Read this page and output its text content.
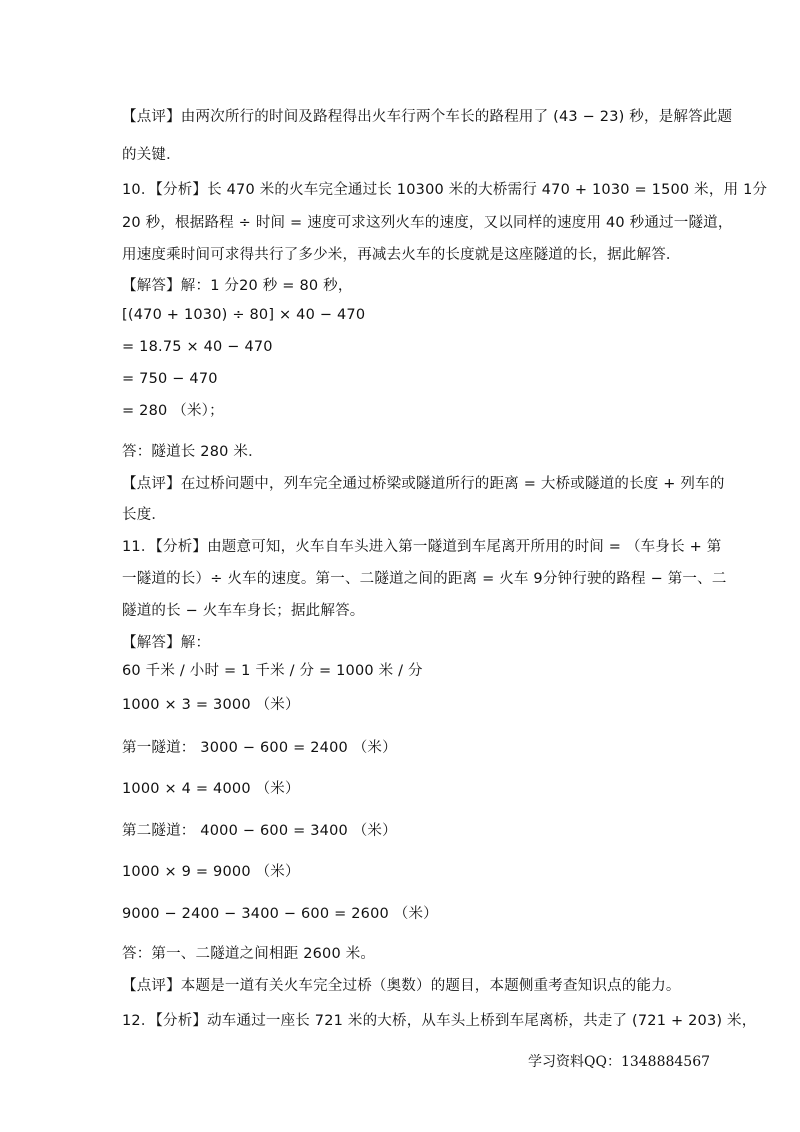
【点评】由两次所行的时间及路程得出火车行两个车长的路程用了 (43 − 23) 秒，是解答此题
的关键．
10．【分析】长 470 米的火车完全通过长 10300 米的大桥需行 470 + 1030 = 1500 米，用 1分
20 秒，根据路程 ÷ 时间 = 速度可求这列火车的速度，又以同样的速度用 40 秒通过一隧道，
用速度乘时间可求得共行了多少米，再减去火车的长度就是这座隧道的长，据此解答．
【解答】解：1 分20 秒 = 80 秒，
[(470 + 1030) ÷ 80] × 40 − 470
= 18.75 × 40 − 470
= 750 − 470
= 280 （米）；
答：隧道长 280 米．
【点评】在过桥问题中，列车完全通过桥梁或隧道所行的距离 = 大桥或隧道的长度 + 列车的
长度．
11．【分析】由题意可知，火车自车头进入第一隧道到车尾离开所用的时间 = （车身长 + 第
一隧道的长）÷ 火车的速度。第一、二隧道之间的距离 = 火车 9分钟行驶的路程 − 第一、二
隧道的长 − 火车车身长；据此解答。
【解答】解：
60 千米 / 小时 = 1 千米 / 分 = 1000 米 / 分
1000 × 3 = 3000 （米）
第一隧道： 3000 − 600 = 2400 （米）
1000 × 4 = 4000 （米）
第二隧道： 4000 − 600 = 3400 （米）
1000 × 9 = 9000 （米）
9000 − 2400 − 3400 − 600 = 2600 （米）
答：第一、二隧道之间相距 2600 米。
【点评】本题是一道有关火车完全过桥（奥数）的题目，本题侧重考查知识点的能力。
12．【分析】动车通过一座长 721 米的大桥，从车头上桥到车尾离桥，共走了 (721 + 203) 米，
学习资料QQ：1348884567
